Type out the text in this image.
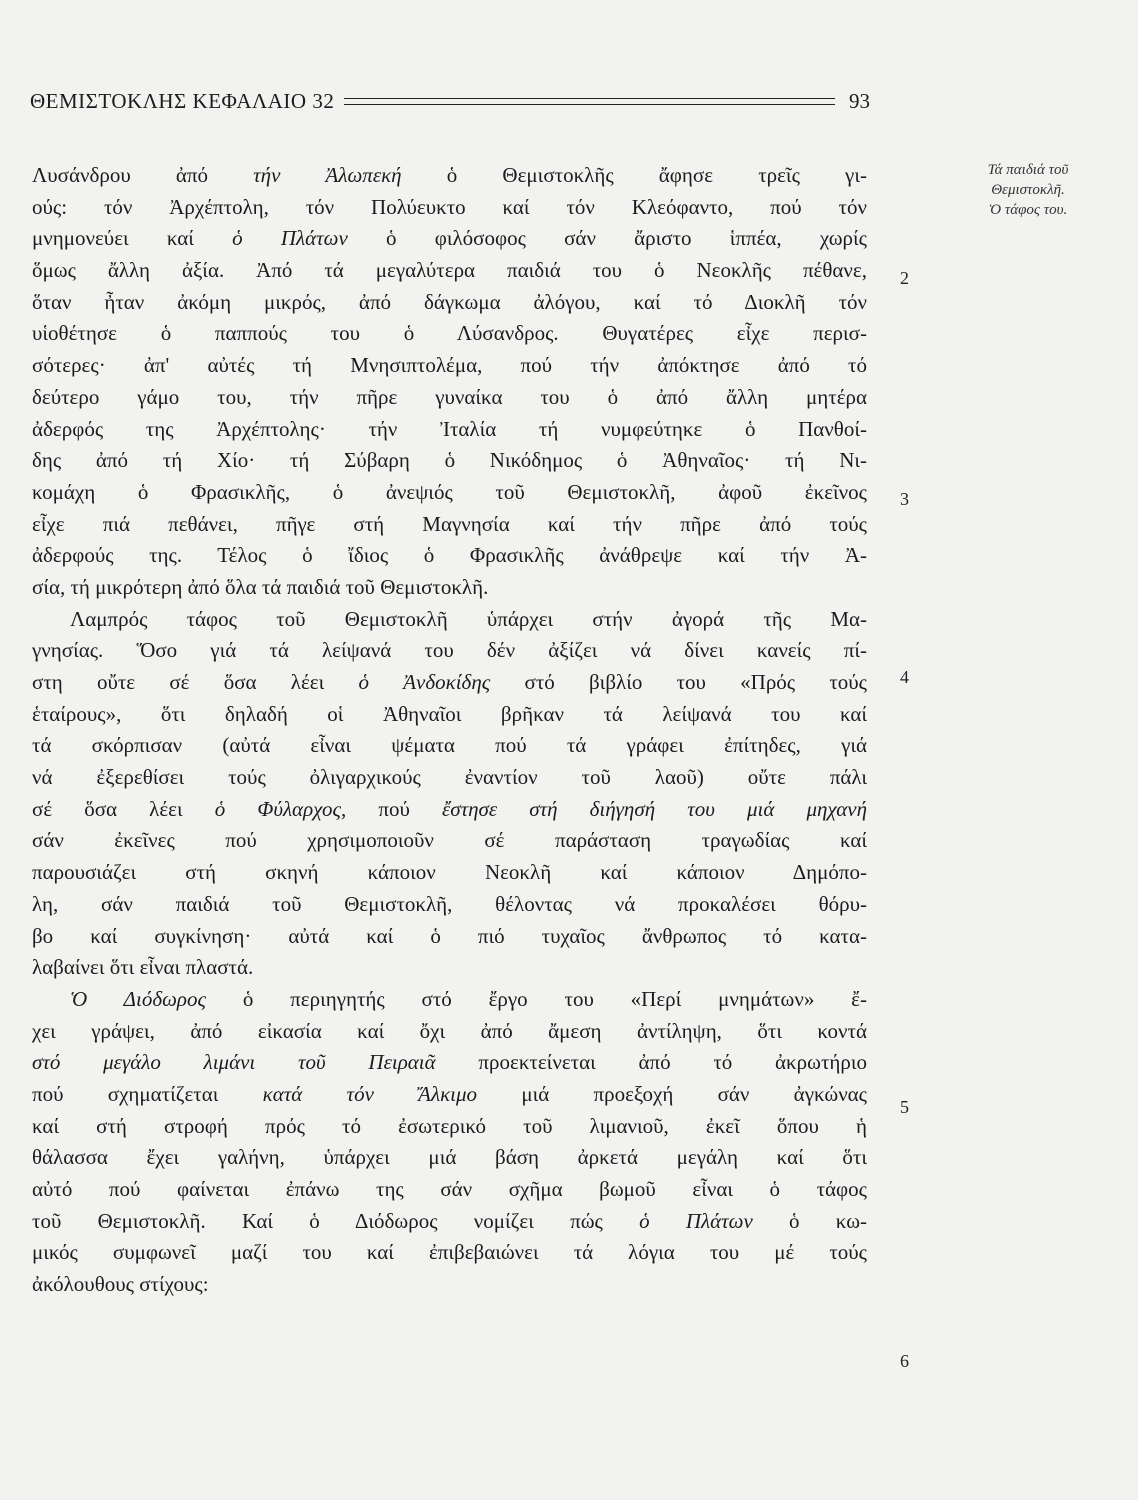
ΘΕΜΙΣΤΟΚΛΗΣ ΚΕΦΑΛΑΙΟ 32	93
Τά παιδιά τοῦ
Θεμιστοκλῆ.
Ὁ τάφος του.
2
3
4
5
6
Λυσάνδρου ἀπό τήν Ἀλωπεκή ὁ Θεμιστοκλῆς ἄφησε τρεῖς γι-
ούς: τόν Ἀρχέπτολη, τόν Πολύευκτο καί τόν Κλεόφαντο, πού τόν
μνημονεύει καί ὁ Πλάτων ὁ φιλόσοφος σάν ἄριστο ἱππέα, χωρίς
ὅμως ἄλλη ἀξία. Ἀπό τά μεγαλύτερα παιδιά του ὁ Νεοκλῆς πέθανε,
ὅταν ἦταν ἀκόμη μικρός, ἀπό δάγκωμα ἀλόγου, καί τό Διοκλῆ τόν
υἱοθέτησε ὁ παππούς του ὁ Λύσανδρος. Θυγατέρες εἶχε περισ-
σότερες· ἀπ' αὐτές τή Μνησιπτολέμα, πού τήν ἀπόκτησε ἀπό τό
δεύτερο γάμο του, τήν πῆρε γυναίκα του ὁ ἀπό ἄλλη μητέρα
ἀδερφός της Ἀρχέπτολης· τήν Ἰταλία τή νυμφεύτηκε ὁ Πανθοί-
δης ἀπό τή Χίο· τή Σύβαρη ὁ Νικόδημος ὁ Ἀθηναῖος· τή Νι-
κομάχη ὁ Φρασικλῆς, ὁ ἀνεψιός τοῦ Θεμιστοκλῆ, ἀφοῦ ἐκεῖνος
εἶχε πιά πεθάνει, πῆγε στή Μαγνησία καί τήν πῆρε ἀπό τούς
ἀδερφούς της. Τέλος ὁ ἴδιος ὁ Φρασικλῆς ἀνάθρεψε καί τήν Ἀ-
σία, τή μικρότερη ἀπό ὅλα τά παιδιά τοῦ Θεμιστοκλῆ.
Λαμπρός τάφος τοῦ Θεμιστοκλῆ ὑπάρχει στήν ἀγορά τῆς Μα-
γνησίας. Ὅσο γιά τά λείψανά του δέν ἀξίζει νά δίνει κανείς πί-
στη οὔτε σέ ὅσα λέει ὁ Ἀνδοκίδης στό βιβλίο του «Πρός τούς
ἑταίρους», ὅτι δηλαδή οἱ Ἀθηναῖοι βρῆκαν τά λείψανά του καί
τά σκόρπισαν (αὐτά εἶναι ψέματα πού τά γράφει ἐπίτηδες, γιά
νά ἐξερεθίσει τούς ὀλιγαρχικούς ἐναντίον τοῦ λαοῦ) οὔτε πάλι
σέ ὅσα λέει ὁ Φύλαρχος, πού ἔστησε στή διήγησή του μιά μηχανή
σάν ἐκεῖνες πού χρησιμοποιοῦν σέ παράσταση τραγωδίας καί
παρουσιάζει στή σκηνή κάποιον Νεοκλῆ καί κάποιον Δημόπο-
λη, σάν παιδιά τοῦ Θεμιστοκλῆ, θέλοντας νά προκαλέσει θόρυ-
βο καί συγκίνηση· αὐτά καί ὁ πιό τυχαῖος ἄνθρωπος τό κατα-
λαβαίνει ὅτι εἶναι πλαστά.
Ὁ Διόδωρος ὁ περιηγητής στό ἔργο του «Περί μνημάτων» ἔ-
χει γράψει, ἀπό εἰκασία καί ὄχι ἀπό ἄμεση ἀντίληψη, ὅτι κοντά
στό μεγάλο λιμάνι τοῦ Πειραιᾶ προεκτείνεται ἀπό τό ἀκρωτήριο
πού σχηματίζεται κατά τόν Ἄλκιμο μιά προεξοχή σάν ἀγκώνας
καί στή στροφή πρός τό ἐσωτερικό τοῦ λιμανιοῦ, ἐκεῖ ὅπου ἡ
θάλασσα ἔχει γαλήνη, ὑπάρχει μιά βάση ἀρκετά μεγάλη καί ὅτι
αὐτό πού φαίνεται ἐπάνω της σάν σχῆμα βωμοῦ εἶναι ὁ τάφος
τοῦ Θεμιστοκλῆ. Καί ὁ Διόδωρος νομίζει πώς ὁ Πλάτων ὁ κω-
μικός συμφωνεῖ μαζί του καί ἐπιβεβαιώνει τά λόγια του μέ τούς
ἀκόλουθους στίχους:
